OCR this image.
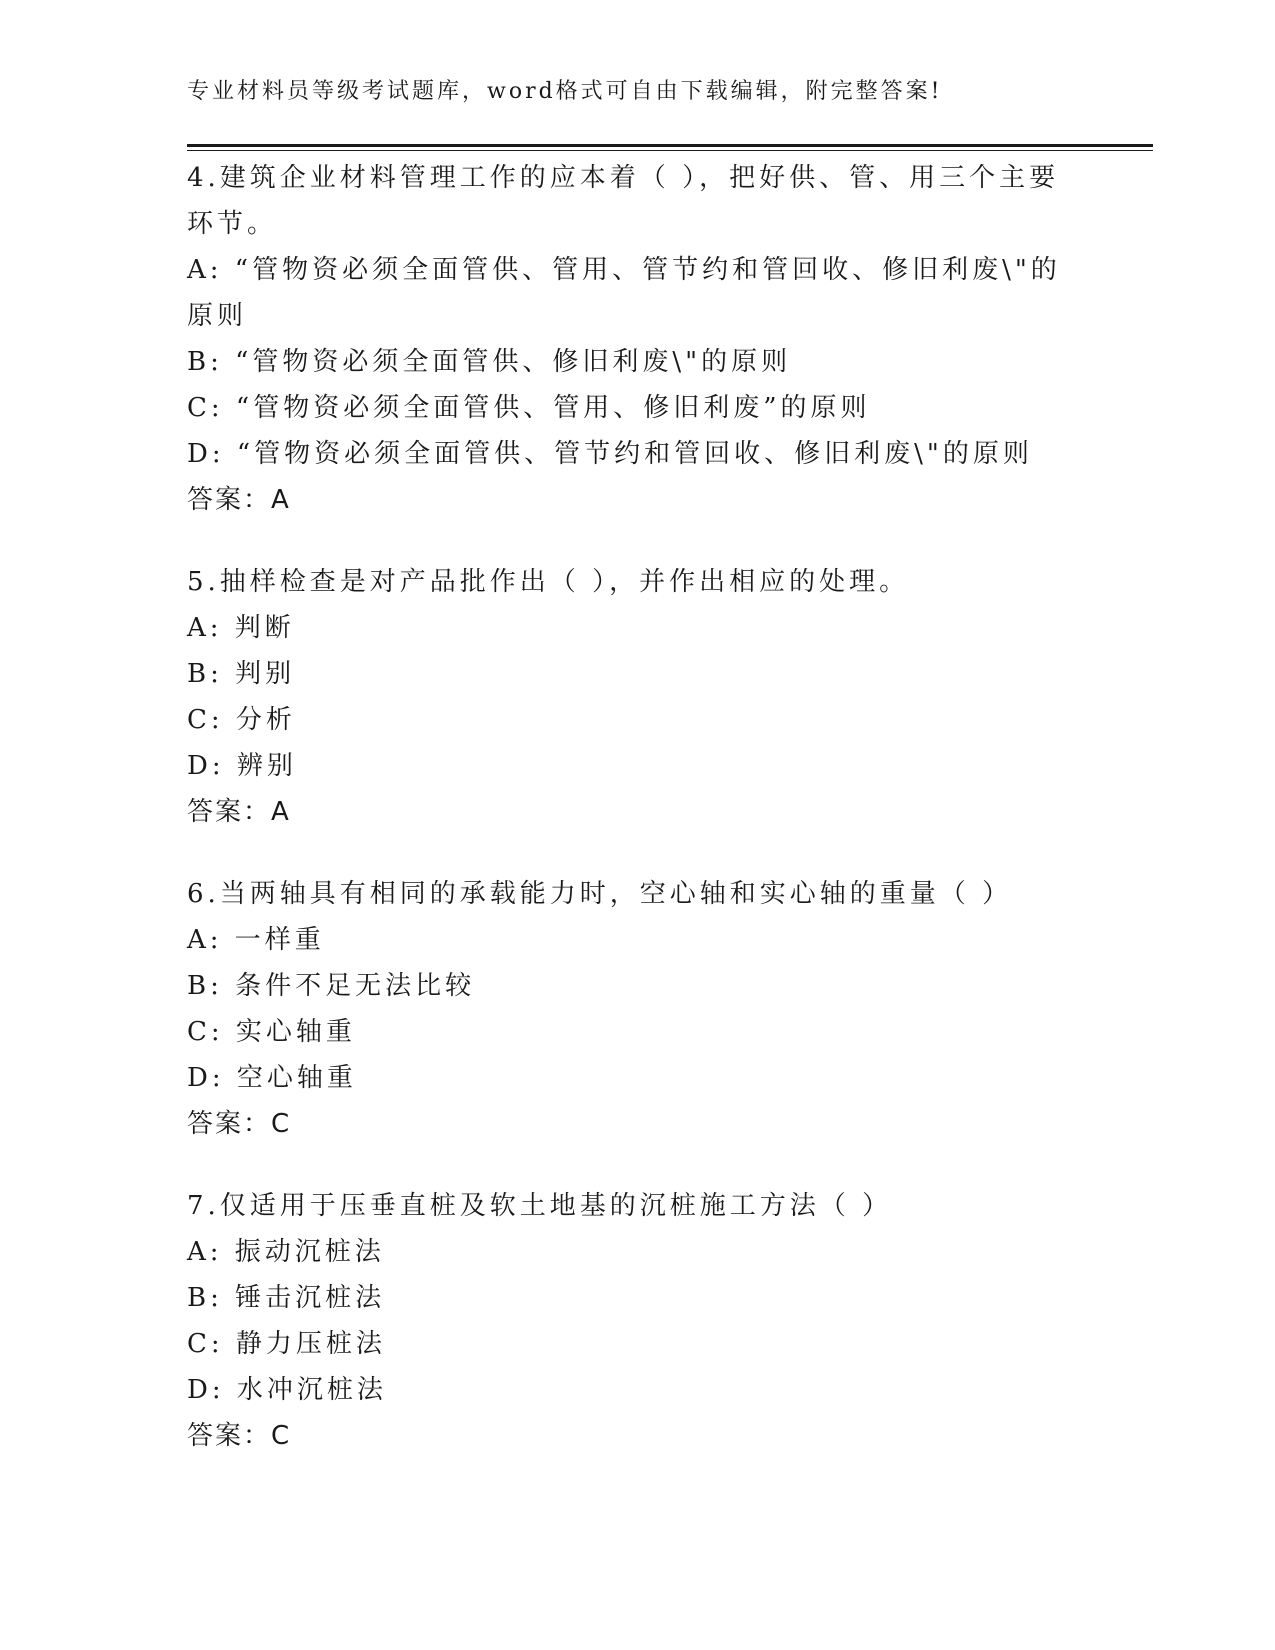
专业材料员等级考试题库，word格式可自由下载编辑，附完整答案!
4.建筑企业材料管理工作的应本着（ ），把好供、管、用三个主要环节。
A: “管物资必须全面管供、管用、管节约和管回收、修旧利废\"的原则
B: “管物资必须全面管供、修旧利废\"的原则
C: “管物资必须全面管供、管用、修旧利废”的原则
D: “管物资必须全面管供、管节约和管回收、修旧利废\"的原则
答案：A
5.抽样检查是对产品批作出（ ），并作出相应的处理。
A: 判断
B: 判别
C: 分析
D: 辨别
答案：A
6.当两轴具有相同的承载能力时，空心轴和实心轴的重量（ ）
A: 一样重
B: 条件不足无法比较
C: 实心轴重
D: 空心轴重
答案：C
7.仅适用于压垂直桩及软土地基的沉桩施工方法（ ）
A: 振动沉桩法
B: 锤击沉桩法
C: 静力压桩法
D: 水冲沉桩法
答案：C
